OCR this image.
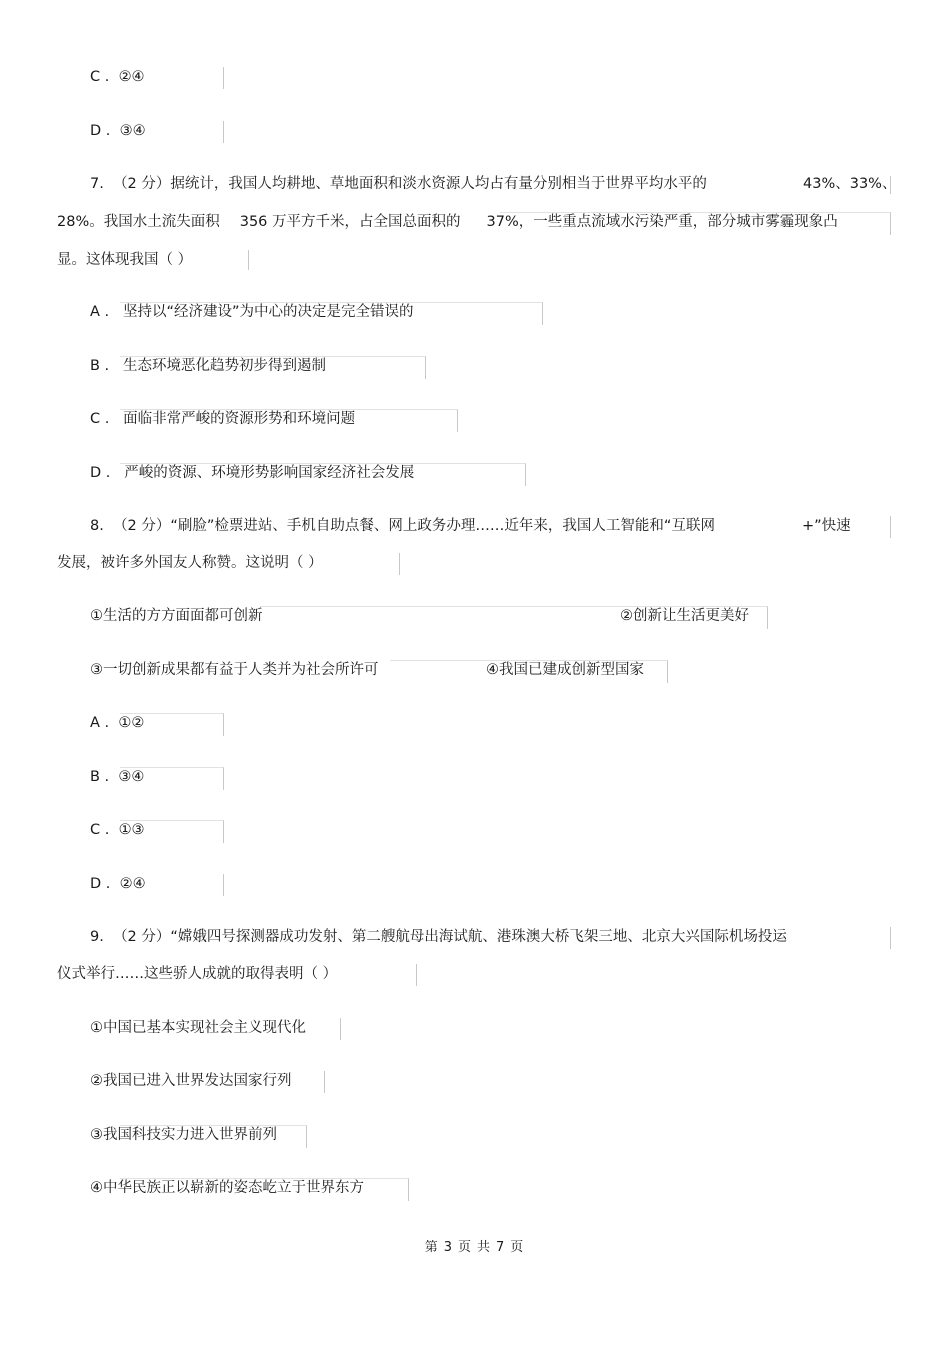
C . ②④
D . ③④
7. （2 分）据统计，我国人均耕地、草地面积和淡水资源人均占有量分别相当于世界平均水平的	43%、33%、
28%。我国水土流失面积 356 万平方千米，占全国总面积的 37%，一些重点流域水污染严重，部分城市雾霾现象凸
显。这体现我国（ ）
A . 坚持以“经济建设”为中心的决定是完全错误的
B . 生态环境恶化趋势初步得到遏制
C . 面临非常严峻的资源形势和环境问题
D . 严峻的资源、环境形势影响国家经济社会发展
8. （2 分）“刷脸”检票进站、手机自助点餐、网上政务办理……近年来，我国人工智能和“互联网	+”快速
发展，被许多外国友人称赞。这说明（ ）
①生活的方方面面都可创新	②创新让生活更美好
③一切创新成果都有益于人类并为社会所许可	④我国已建成创新型国家
A . ①②
B . ③④
C . ①③
D . ②④
9. （2 分）“嫦娥四号探测器成功发射、第二艘航母出海试航、港珠澳大桥飞架三地、北京大兴国际机场投运
仪式举行……这些骄人成就的取得表明（ ）
①中国已基本实现社会主义现代化
②我国已进入世界发达国家行列
③我国科技实力进入世界前列
④中华民族正以崭新的姿态屹立于世界东方
第 3 页 共 7 页
